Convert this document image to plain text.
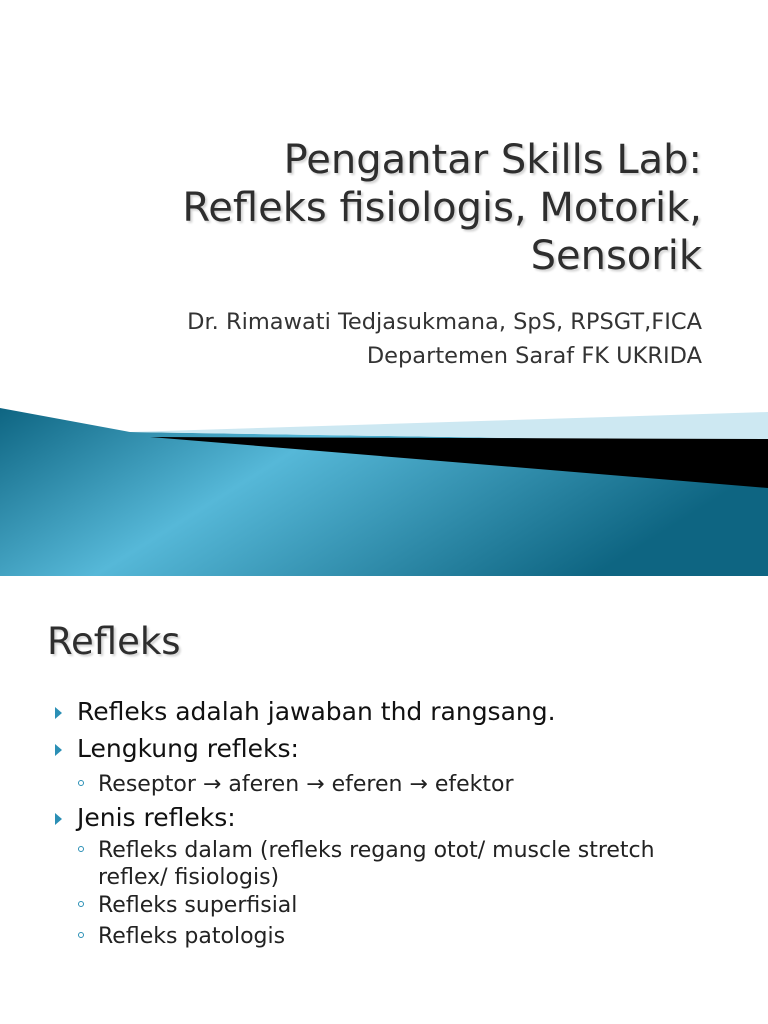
Pengantar Skills Lab:
Refleks fisiologis, Motorik,
Sensorik
Dr. Rimawati Tedjasukmana, SpS, RPSGT,FICA
Departemen Saraf FK UKRIDA
Refleks
Refleks adalah jawaban thd rangsang.
Lengkung refleks:
Reseptor → aferen → eferen → efektor
Jenis refleks:
Refleks dalam (refleks regang otot/ muscle stretch reflex/ fisiologis)
Refleks superfisial
Refleks patologis
